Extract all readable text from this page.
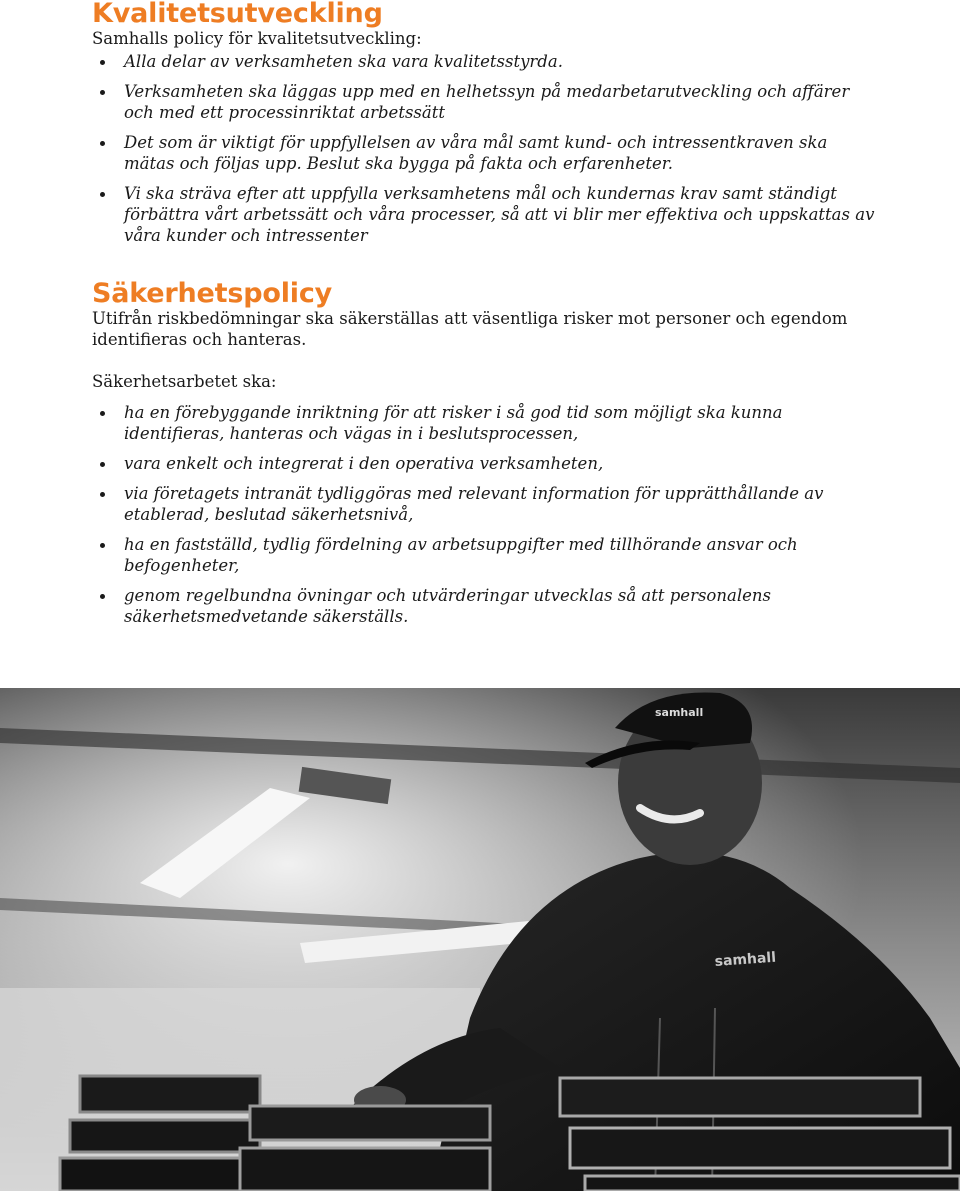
Kvalitetsutveckling

Samhalls policy för kvalitetsutveckling:

Alla delar av verksamheten ska vara kvalitetsstyrda.
Verksamheten ska läggas upp med en helhetssyn på medarbetarutveckling och affärer och med ett processinriktat arbetssätt
Det som är viktigt för uppfyllelsen av våra mål samt kund- och intressentkraven ska mätas och följas upp. Beslut ska bygga på fakta och erfarenheter.
Vi ska sträva efter att uppfylla verksamhetens mål och kundernas krav samt ständigt förbättra vårt arbetssätt och våra processer, så att vi blir mer effektiva och uppskattas av våra kunder och intressenter
Säkerhetspolicy

Utifrån riskbedömningar ska säkerställas att väsentliga risker mot personer och egendom identifieras och hanteras.

Säkerhetsarbetet ska:

ha en förebyggande inriktning för att risker i så god tid som möjligt ska kunna identifieras, hanteras och vägas in i beslutsprocessen,
vara enkelt och integrerat i den operativa verksamheten,
via företagets intranät tydliggöras med relevant information för upprätthållande av etablerad, beslutad säkerhetsnivå,
ha en fastställd, tydlig fördelning av arbetsuppgifter med tillhörande ansvar och befogenheter,
genom regelbundna övningar och utvärderingar utvecklas så att personalens säkerhetsmedvetande säkerställs.
samhall
samhall
